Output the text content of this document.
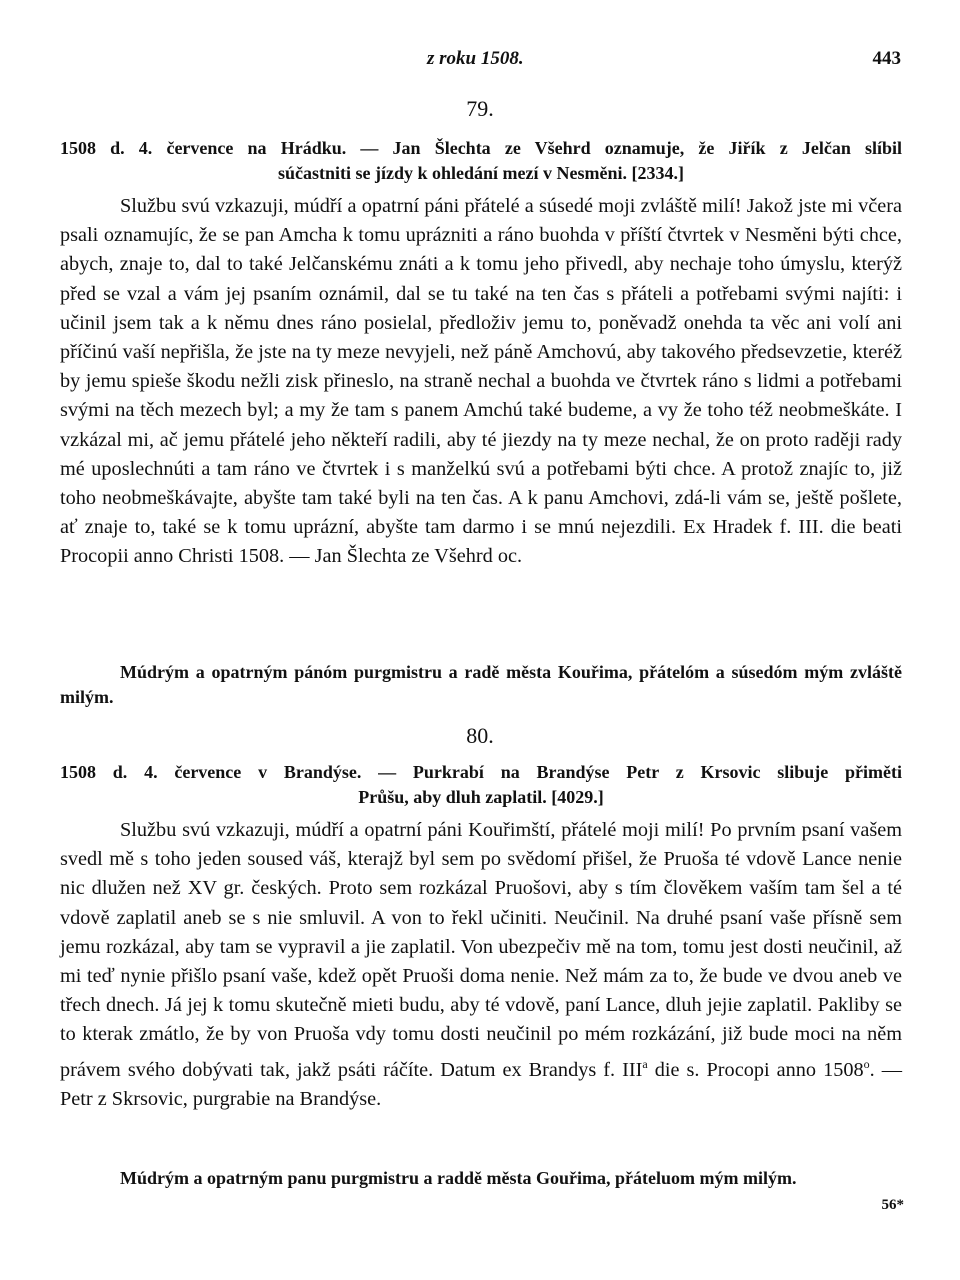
z roku 1508.	443
79.
1508 d. 4. července na Hrádku. — Jan Šlechta ze Všehrd oznamuje, že Jiřík z Jelčan slíbil
súčastniti se jízdy k ohledání mezí v Nesměni. [2334.]

Službu svú vzkazuji, múdří a opatrní páni přátelé a súsedé moji zvláště milí! Jakož jste mi včera psali oznamujíc, že se pan Amcha k tomu uprázniti a ráno buohda v příští čtvrtek v Nesměni býti chce, abych, znaje to, dal to také Jelčanskému znáti a k tomu jeho přivedl, aby nechaje toho úmyslu, kterýž před se vzal a vám jej psaním oznámil, dal se tu také na ten čas s přáteli a potřebami svými najíti: i učinil jsem tak a k němu dnes ráno posielal, předloživ jemu to, poněvadž onehda ta věc ani volí ani příčinú vaší nepřišla, že jste na ty meze nevyjeli, než páně Amchovú, aby takového předsevzetie, kteréž by jemu spieše škodu nežli zisk přineslo, na straně nechal a buohda ve čtvrtek ráno s lidmi a potřebami svými na těch mezech byl; a my že tam s panem Amchú také budeme, a vy že toho též neobmeškáte. I vzkázal mi, ač jemu přátelé jeho někteří radili, aby té jiezdy na ty meze nechal, že on proto raději rady mé uposlechnúti a tam ráno ve čtvrtek i s manželkú svú a potřebami býti chce. A protož znajíc to, již toho neobmeškávajte, abyšte tam také byli na ten čas. A k panu Amchovi, zdá-li vám se, ještě pošlete, ať znaje to, také se k tomu uprázní, abyšte tam darmo i se mnú nejezdili. Ex Hradek f. III. die beati Procopii anno Christi 1508. — Jan Šlechta ze Všehrd oc.

Múdrým a opatrným pánóm purgmistru a radě města Kouřima, přátelóm a súsedóm mým zvláště milým.

80.
1508 d. 4. července v Brandýse. — Purkrabí na Brandýse Petr z Krsovic slibuje přiměti
Průšu, aby dluh zaplatil. [4029.]

Službu svú vzkazuji, múdří a opatrní páni Kouřimští, přátelé moji milí! Po prvním psaní vašem svedl mě s toho jeden soused váš, kterajž byl sem po svědomí přišel, že Pruoša té vdově Lance nenie nic dlužen než XV gr. českých. Proto sem rozkázal Pruošovi, aby s tím člověkem vaším tam šel a té vdově zaplatil aneb se s nie smluvil. A von to řekl učiniti. Neučinil. Na druhé psaní vaše přísně sem jemu rozkázal, aby tam se vypravil a jie zaplatil. Von ubezpečiv mě na tom, tomu jest dosti neučinil, až mi teď nynie přišlo psaní vaše, kdež opět Pruoši doma nenie. Než mám za to, že bude ve dvou aneb ve třech dnech. Já jej k tomu skutečně mieti budu, aby té vdově, paní Lance, dluh jejie zaplatil. Pakliby se to kterak zmátlo, že by von Pruoša vdy tomu dosti neučinil po mém rozkázání, již bude moci na něm právem svého dobývati tak, jakž psáti ráčíte. Datum ex Brandys f. III$^a$ die s. Procopi anno 1508$^o$. — Petr z Skrsovic, purgrabie na Brandýse.

Múdrým a opatrným panu purgmistru a raddě města Gouřima, přáteluom mým milým.

56*
